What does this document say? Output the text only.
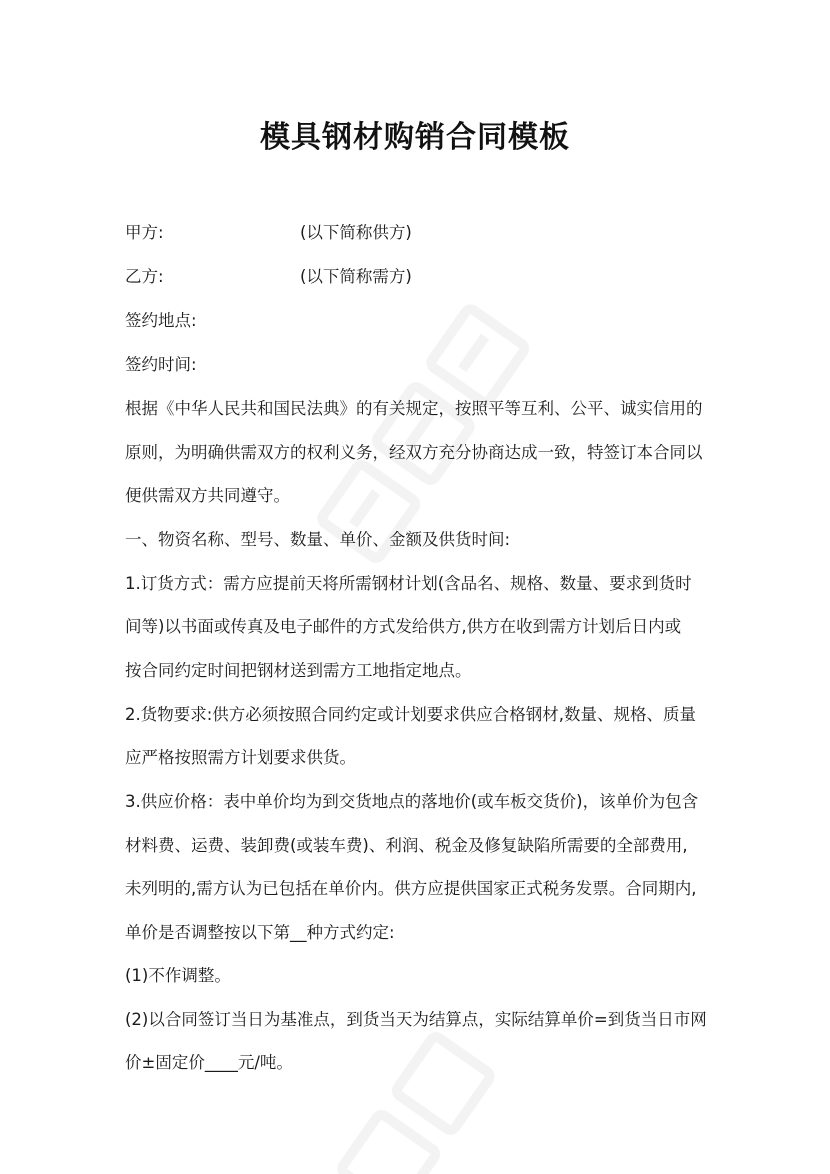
模具钢材购销合同模板

甲方:	(以下简称供方)

乙方:	(以下简称需方)

签约地点:

签约时间:

根据《中华人民共和国民法典》的有关规定，按照平等互利、公平、诚实信用的

原则，为明确供需双方的权利义务，经双方充分协商达成一致，特签订本合同以

便供需双方共同遵守。

一、物资名称、型号、数量、单价、金额及供货时间:

1.订货方式：需方应提前天将所需钢材计划(含品名、规格、数量、要求到货时

间等)以书面或传真及电子邮件的方式发给供方,供方在收到需方计划后日内或

按合同约定时间把钢材送到需方工地指定地点。

2.货物要求:供方必须按照合同约定或计划要求供应合格钢材,数量、规格、质量

应严格按照需方计划要求供货。

3.供应价格：表中单价均为到交货地点的落地价(或车板交货价)，该单价为包含

材料费、运费、装卸费(或装车费)、利润、税金及修复缺陷所需要的全部费用,

未列明的,需方认为已包括在单价内。供方应提供国家正式税务发票。合同期内,

单价是否调整按以下第__种方式约定:

(1)不作调整。

(2)以合同签订当日为基准点，到货当天为结算点，实际结算单价=到货当日市网

价±固定价____元/吨。
